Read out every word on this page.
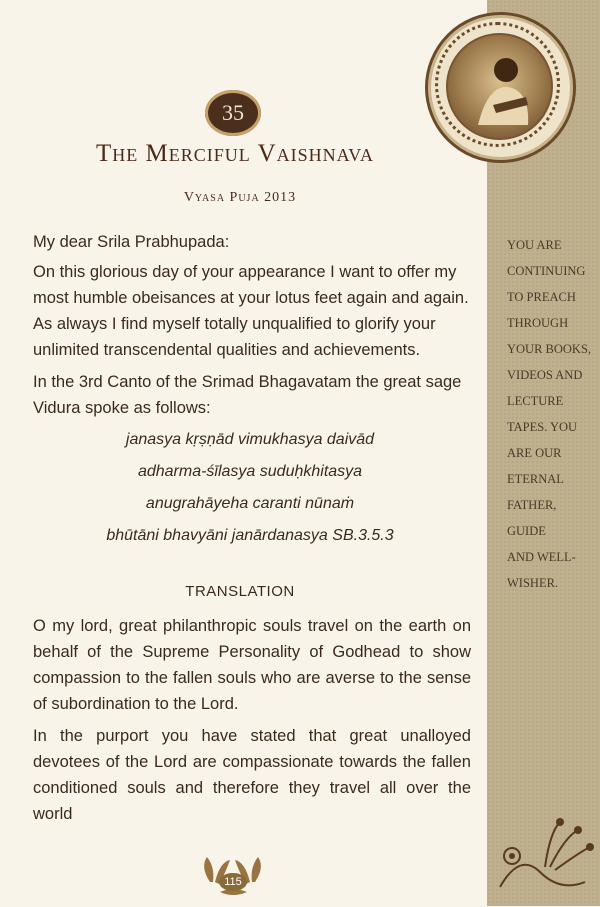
35
The Merciful Vaishnava
Vyasa Puja 2013
My dear Srila Prabhupada:
On this glorious day of your appearance I want to offer my most humble obeisances at your lotus feet again and again. As always I find myself totally unqualified to glorify your unlimited transcendental qualities and achievements.
In the 3rd Canto of the Srimad Bhagavatam the great sage Vidura spoke as follows:
janasya kṛṣṇād vimukhasya daivād
adharma-śīlasya suduḥkhitasya
anugrahāyeha caranti nūnaṁ
bhūtāni bhavyāni janārdanasya SB.3.5.3
TRANSLATION
O my lord, great philanthropic souls travel on the earth on behalf of the Supreme Personality of Godhead to show compassion to the fallen souls who are averse to the sense of subordination to the Lord.
In the purport you have stated that great unalloyed devotees of the Lord are compassionate towards the fallen conditioned souls and therefore they travel all over the world
YOU ARE
CONTINUING
TO PREACH
THROUGH
YOUR BOOKS,
VIDEOS AND
LECTURE
TAPES. YOU
ARE OUR
ETERNAL
FATHER,
GUIDE
AND WELL-
WISHER.
115
